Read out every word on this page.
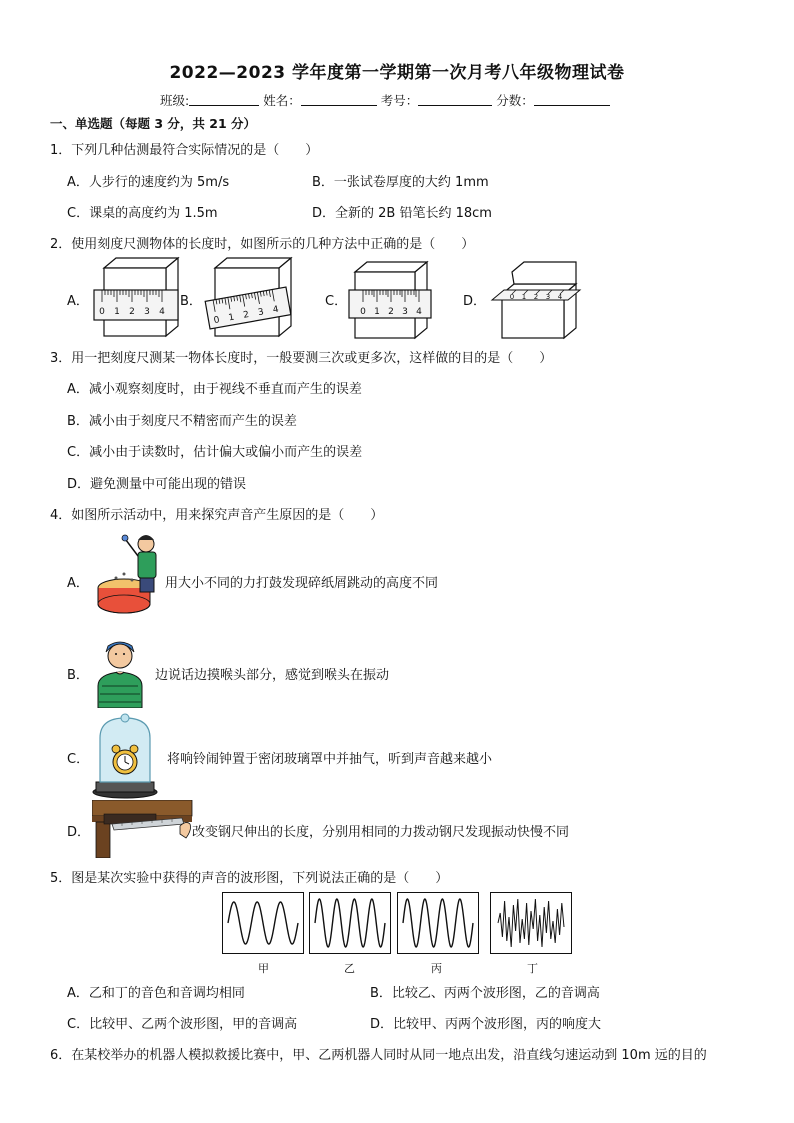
2022—2023 学年度第一学期第一次月考八年级物理试卷
班级:	姓名：	考号：	分数：
一、单选题（每题 3 分，共 21 分）
1．下列几种估测最符合实际情况的是（　　）
A．人步行的速度约为 5m/s	B．一张试卷厚度的大约 1mm
C．课桌的高度约为 1.5m	D．全新的 2B 铅笔长约 18cm
2．使用刻度尺测物体的长度时，如图所示的几种方法中正确的是（　　）
A．	B．	C．	D．
0 1 2 3 4
0 1 2 3 4	0 1 2 3 4
0 1 2 3 4
3．用一把刻度尺测某一物体长度时，一般要测三次或更多次，这样做的目的是（　　）
A．减小观察刻度时，由于视线不垂直而产生的误差
B．减小由于刻度尺不精密而产生的误差
C．减小由于读数时，估计偏大或偏小而产生的误差
D．避免测量中可能出现的错误
4．如图所示活动中，用来探究声音产生原因的是（　　）
A．	用大小不同的力打鼓发现碎纸屑跳动的高度不同
B．	边说话边摸喉头部分，感觉到喉头在振动
C．	将响铃闹钟置于密闭玻璃罩中并抽气，听到声音越来越小
D．	改变钢尺伸出的长度，分别用相同的力拨动钢尺发现振动快慢不同
5．图是某次实验中获得的声音的波形图，下列说法正确的是（　　）
甲	乙	丙	丁
A．乙和丁的音色和音调均相同	B．比较乙、丙两个波形图，乙的音调高
C．比较甲、乙两个波形图，甲的音调高	D．比较甲、丙两个波形图，丙的响度大
6．在某校举办的机器人模拟救援比赛中，甲、乙两机器人同时从同一地点出发，沿直线匀速运动到 10m 远的目的
